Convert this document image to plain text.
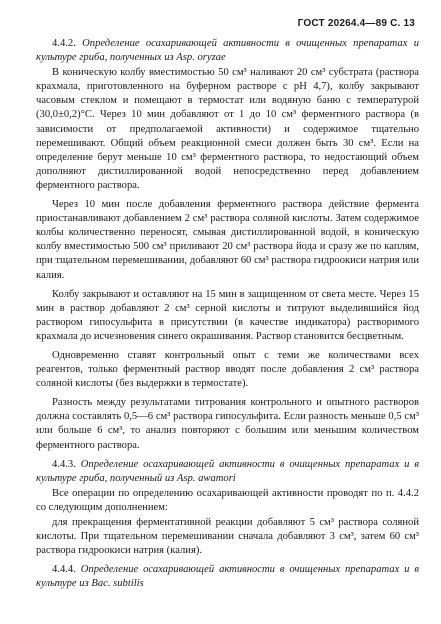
ГОСТ 20264.4—89 С. 13

4.4.2. Определение осахаривающей активности в очищенных препаратах и культуре гриба, полученных из Asp. oryzae

В коническую колбу вместимостью 50 см³ наливают 20 см³ субстрата (раствора крахмала, приготовленного на буферном растворе с рН 4,7), колбу закрывают часовым стеклом и помещают в термостат или водяную баню с температурой (30,0±0,2)°С. Через 10 мин добавляют от 1 до 10 см³ ферментного раствора (в зависимости от предполагаемой активности) и содержимое тщательно перемешивают. Общий объем реакционной смеси должен быть 30 см³. Если на определение берут меньше 10 см³ ферментного раствора, то недостающий объем дополняют дистиллированной водой непосредственно перед добавлением ферментного раствора.

Через 10 мин после добавления ферментного раствора действие фермента приостанавливают добавлением 2 см³ раствора соляной кислоты. Затем содержимое колбы количественно переносят, смывая дистиллированной водой, в коническую колбу вместимостью 500 см³ приливают 20 см³ раствора йода и сразу же по каплям, при тщательном перемешивании, добавляют 60 см³ раствора гидроокиси натрия или калия.

Колбу закрывают и оставляют на 15 мин в защищенном от света месте. Через 15 мин в раствор добавляют 2 см³ серной кислоты и титруют выделившийся йод раствором гипосульфита в присутствии (в качестве индикатора) растворимого крахмала до исчезновения синего окрашивания. Раствор становится бесцветным.

Одновременно ставят контрольный опыт с теми же количествами всех реагентов, только ферментный раствор вводят после добавления 2 см³ раствора соляной кислоты (без выдержки в термостате).

Разность между результатами титрования контрольного и опытного растворов должна составлять 0,5—6 см³ раствора гипосульфита. Если разность меньше 0,5 см³ или больше 6 см³, то анализ повторяют с большим или меньшим количеством ферментного раствора.

4.4.3. Определение осахаривающей активности в очищенных препаратах и в культуре гриба, полученный из Asp. awamori

Все операции по определению осахаривающей активности проводят по п. 4.4.2 со следующим дополнением:

для прекращения ферментативной реакции добавляют 5 см³ раствора соляной кислоты. При тщательном перемешивании сначала добавляют 3 см³, затем 60 см³ раствора гидроокиси натрия (калия).

4.4.4. Определение осахаривающей активности в очищенных препаратах и в культуре из Bac. subtilis
